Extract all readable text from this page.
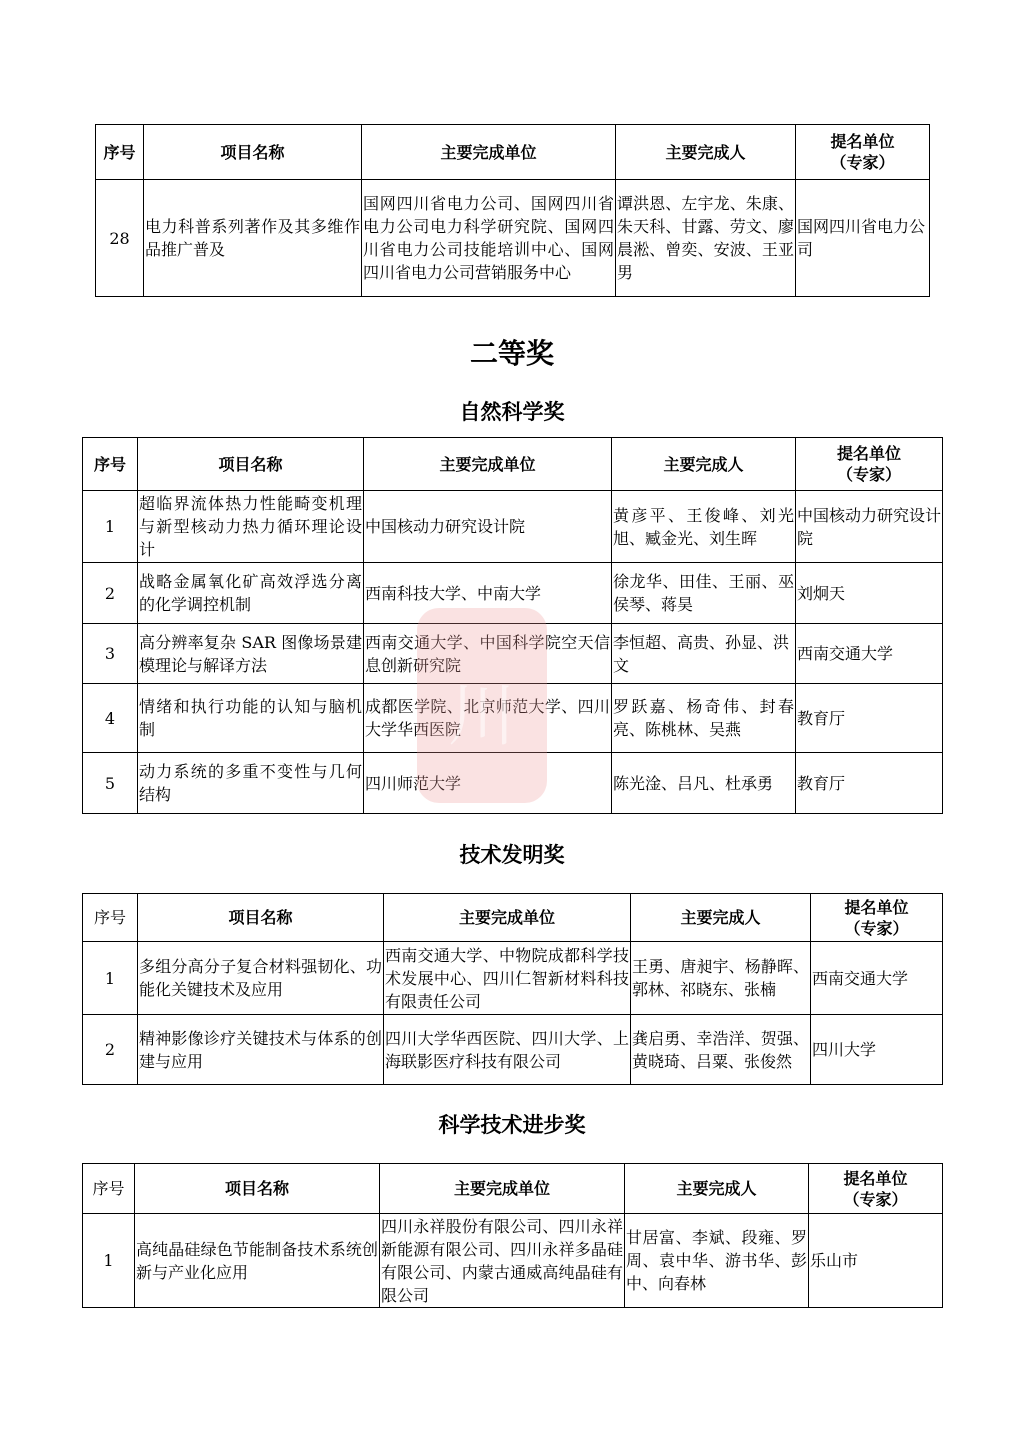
序号	项目名称	主要完成单位	主要完成人	提名单位
（专家）
28	电力科普系列著作及其多维作品推广普及	国网四川省电力公司、国网四川省电力公司电力科学研究院、国网四川省电力公司技能培训中心、国网四川省电力公司营销服务中心	谭洪恩、左宇龙、朱康、朱天科、甘露、劳文、廖晨淞、曾奕、安波、王亚男	国网四川省电力公司
二等奖
自然科学奖
序号	项目名称	主要完成单位	主要完成人	提名单位
（专家）
1	超临界流体热力性能畸变机理与新型核动力热力循环理论设计	中国核动力研究设计院	黄彦平、王俊峰、刘光旭、臧金光、刘生晖	中国核动力研究设计院
2	战略金属氧化矿高效浮选分离的化学调控机制	西南科技大学、中南大学	徐龙华、田佳、王丽、巫侯琴、蒋昊	刘炯天
3	高分辨率复杂 SAR 图像场景建模理论与解译方法	西南交通大学、中国科学院空天信息创新研究院	李恒超、高贵、孙显、洪文	西南交通大学
4	情绪和执行功能的认知与脑机制	成都医学院、北京师范大学、四川大学华西医院	罗跃嘉、杨奇伟、封春亮、陈桃林、吴燕	教育厅
5	动力系统的多重不变性与几何结构	四川师范大学	陈光淦、吕凡、杜承勇	教育厅
川
技术发明奖
序号	项目名称	主要完成单位	主要完成人	提名单位
（专家）
1	多组分高分子复合材料强韧化、功能化关键技术及应用	西南交通大学、中物院成都科学技术发展中心、四川仁智新材料科技有限责任公司	王勇、唐昶宇、杨静晖、郭林、祁晓东、张楠	西南交通大学
2	精神影像诊疗关键技术与体系的创建与应用	四川大学华西医院、四川大学、上海联影医疗科技有限公司	龚启勇、幸浩洋、贺强、黄晓琦、吕粟、张俊然	四川大学
科学技术进步奖
序号	项目名称	主要完成单位	主要完成人	提名单位
（专家）
1	高纯晶硅绿色节能制备技术系统创新与产业化应用	四川永祥股份有限公司、四川永祥新能源有限公司、四川永祥多晶硅有限公司、内蒙古通威高纯晶硅有限公司	甘居富、李斌、段雍、罗周、袁中华、游书华、彭中、向春林	乐山市
